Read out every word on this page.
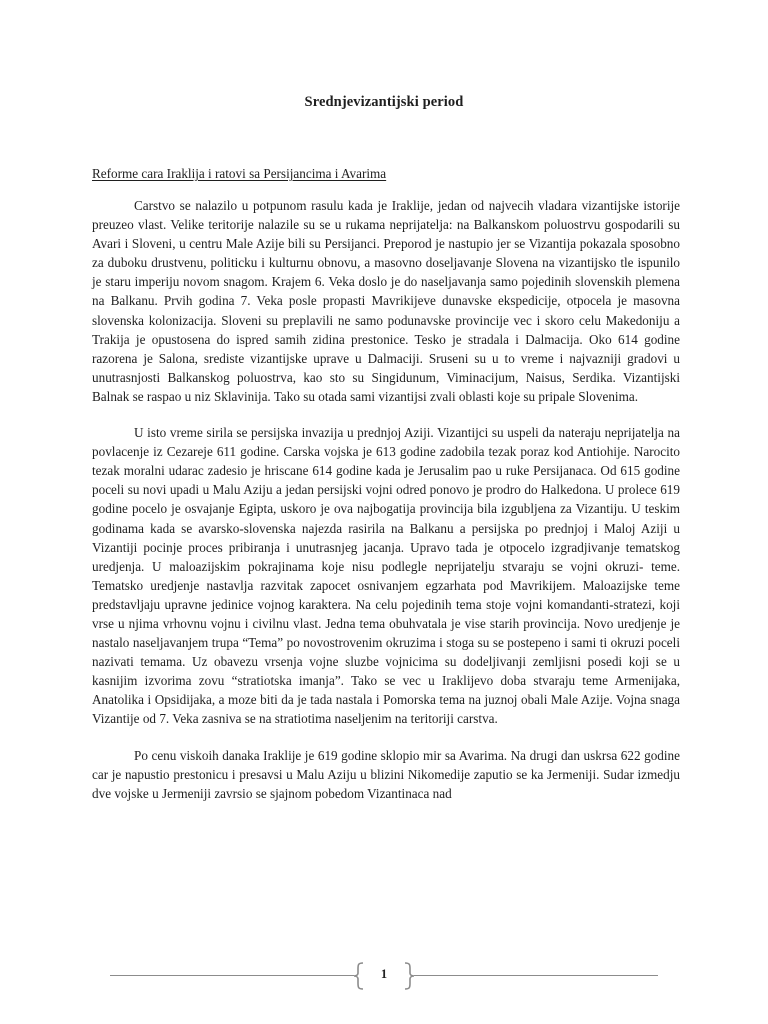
Srednjevizantijski period
Reforme cara Iraklija i ratovi sa Persijancima i Avarima

Carstvo se nalazilo u potpunom rasulu kada je Iraklije, jedan od najvecih vladara vizantijske istorije preuzeo vlast. Velike teritorije nalazile su se u rukama neprijatelja: na Balkanskom poluostrvu gospodarili su Avari i Sloveni, u centru Male Azije bili su Persijanci. Preporod je nastupio jer se Vizantija pokazala sposobno za duboku drustvenu, politicku i kulturnu obnovu, a masovno doseljavanje Slovena na vizantijsko tle ispunilo je staru imperiju novom snagom. Krajem 6. Veka doslo je do naseljavanja samo pojedinih slovenskih plemena na Balkanu. Prvih godina 7. Veka posle propasti Mavrikijeve dunavske ekspedicije, otpocela je masovna slovenska kolonizacija. Sloveni su preplavili ne samo podunavske provincije vec i skoro celu Makedoniju a Trakija je opustosena do ispred samih zidina prestonice. Tesko je stradala i Dalmacija. Oko 614 godine razorena je Salona, srediste vizantijske uprave u Dalmaciji. Sruseni su u to vreme i najvazniji gradovi u unutrasnjosti Balkanskog poluostrva, kao sto su Singidunum, Viminacijum, Naisus, Serdika. Vizantijski Balnak se raspao u niz Sklavinija. Tako su otada sami vizantijsi zvali oblasti koje su pripale Slovenima.

U isto vreme sirila se persijska invazija u prednjoj Aziji. Vizantijci su uspeli da nateraju neprijatelja na povlacenje iz Cezareje 611 godine. Carska vojska je 613 godine zadobila tezak poraz kod Antiohije. Narocito tezak moralni udarac zadesio je hriscane 614 godine kada je Jerusalim pao u ruke Persijanaca. Od 615 godine poceli su novi upadi u Malu Aziju a jedan persijski vojni odred ponovo je prodro do Halkedona. U prolece 619 godine pocelo je osvajanje Egipta, uskoro je ova najbogatija provincija bila izgubljena za Vizantiju. U teskim godinama kada se avarsko-slovenska najezda rasirila na Balkanu a persijska po prednjoj i Maloj Aziji u Vizantiji pocinje proces pribiranja i unutrasnjeg jacanja. Upravo tada je otpocelo izgradjivanje tematskog uredjenja. U maloazijskim pokrajinama koje nisu podlegle neprijatelju stvaraju se vojni okruzi- teme. Tematsko uredjenje nastavlja razvitak zapocet osnivanjem egzarhata pod Mavrikijem. Maloazijske teme predstavljaju upravne jedinice vojnog karaktera. Na celu pojedinih tema stoje vojni komandanti-stratezi, koji vrse u njima vrhovnu vojnu i civilnu vlast. Jedna tema obuhvatala je vise starih provincija. Novo uredjenje je nastalo naseljavanjem trupa “Tema” po novostrovenim okruzima i stoga su se postepeno i sami ti okruzi poceli nazivati temama. Uz obavezu vrsenja vojne sluzbe vojnicima su dodeljivanji zemljisni posedi koji se u kasnijim izvorima zovu “stratiotska imanja”. Tako se vec u Iraklijevo doba stvaraju teme Armenijaka, Anatolika i Opsidijaka, a moze biti da je tada nastala i Pomorska tema na juznoj obali Male Azije. Vojna snaga Vizantije od 7. Veka zasniva se na stratiotima naseljenim na teritoriji carstva.

Po cenu viskoih danaka Iraklije je 619 godine sklopio mir sa Avarima. Na drugi dan uskrsa 622 godine car je napustio prestonicu i presavsi u Malu Aziju u blizini Nikomedije zaputio se ka Jermeniji. Sudar izmedju dve vojske u Jermeniji zavrsio se sjajnom pobedom Vizantinaca nad

1
